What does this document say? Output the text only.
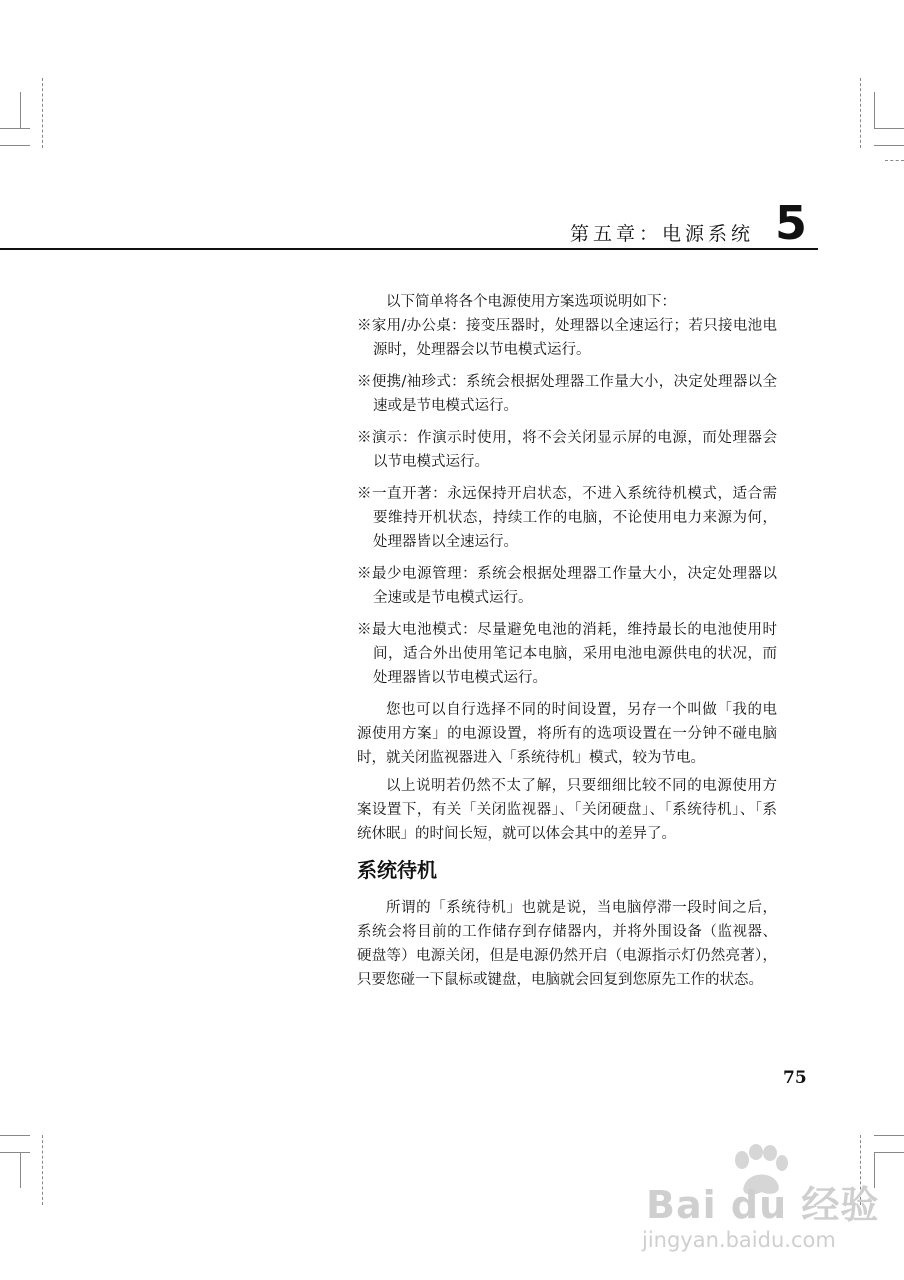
第五章：电源系统 5

以下简单将各个电源使用方案选项说明如下：

※家用/办公桌：接变压器时，处理器以全速运行；若只接电池电源时，处理器会以节电模式运行。

※便携/袖珍式：系统会根据处理器工作量大小，决定处理器以全速或是节电模式运行。

※演示：作演示时使用，将不会关闭显示屏的电源，而处理器会以节电模式运行。

※一直开著：永远保持开启状态，不进入系统待机模式，适合需要维持开机状态，持续工作的电脑，不论使用电力来源为何，处理器皆以全速运行。

※最少电源管理：系统会根据处理器工作量大小，决定处理器以全速或是节电模式运行。

※最大电池模式：尽量避免电池的消耗，维持最长的电池使用时间，适合外出使用笔记本电脑，采用电池电源供电的状况，而处理器皆以节电模式运行。

您也可以自行选择不同的时间设置，另存一个叫做「我的电源使用方案」的电源设置，将所有的选项设置在一分钟不碰电脑时，就关闭监视器进入「系统待机」模式，较为节电。

以上说明若仍然不太了解，只要细细比较不同的电源使用方案设置下，有关「关闭监视器」、「关闭硬盘」、「系统待机」、「系统休眠」的时间长短，就可以体会其中的差异了。

系统待机

所谓的「系统待机」也就是说，当电脑停滞一段时间之后，系统会将目前的工作储存到存储器内，并将外围设备（监视器、硬盘等）电源关闭，但是电源仍然开启（电源指示灯仍然亮著），只要您碰一下鼠标或键盘，电脑就会回复到您原先工作的状态。

75
Bai du 经验
jingyan.baidu.com
